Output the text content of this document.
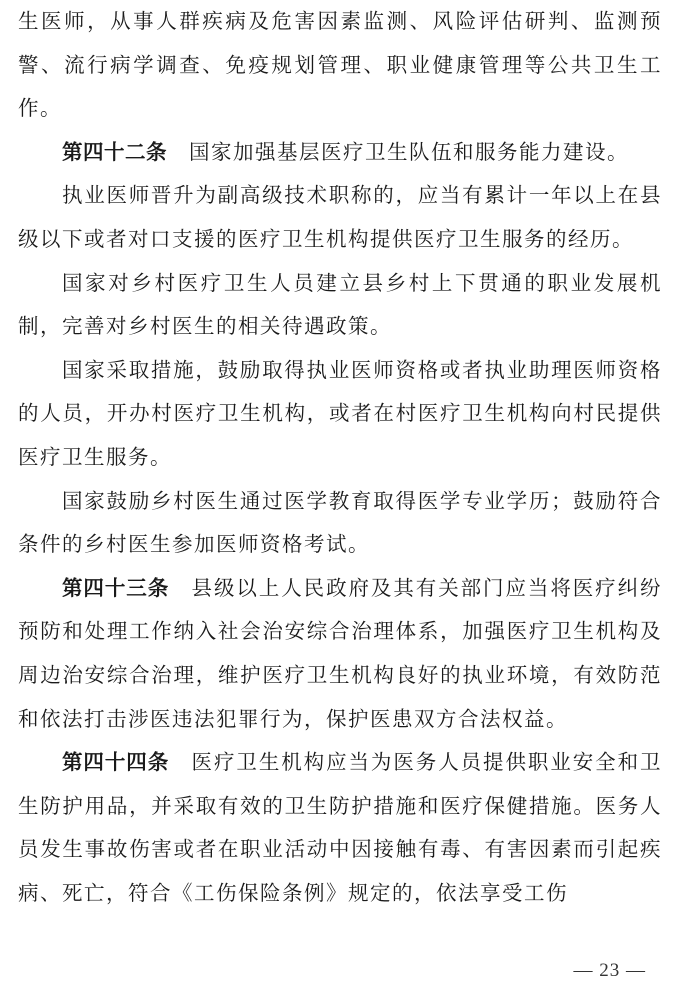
生医师，从事人群疾病及危害因素监测、风险评估研判、监测预警、流行病学调查、免疫规划管理、职业健康管理等公共卫生工作。

第四十二条　国家加强基层医疗卫生队伍和服务能力建设。

执业医师晋升为副高级技术职称的，应当有累计一年以上在县级以下或者对口支援的医疗卫生机构提供医疗卫生服务的经历。

国家对乡村医疗卫生人员建立县乡村上下贯通的职业发展机制，完善对乡村医生的相关待遇政策。

国家采取措施，鼓励取得执业医师资格或者执业助理医师资格的人员，开办村医疗卫生机构，或者在村医疗卫生机构向村民提供医疗卫生服务。

国家鼓励乡村医生通过医学教育取得医学专业学历；鼓励符合条件的乡村医生参加医师资格考试。

第四十三条　县级以上人民政府及其有关部门应当将医疗纠纷预防和处理工作纳入社会治安综合治理体系，加强医疗卫生机构及周边治安综合治理，维护医疗卫生机构良好的执业环境，有效防范和依法打击涉医违法犯罪行为，保护医患双方合法权益。

第四十四条　医疗卫生机构应当为医务人员提供职业安全和卫生防护用品，并采取有效的卫生防护措施和医疗保健措施。医务人员发生事故伤害或者在职业活动中因接触有毒、有害因素而引起疾病、死亡，符合《工伤保险条例》规定的，依法享受工伤

— 23 —
